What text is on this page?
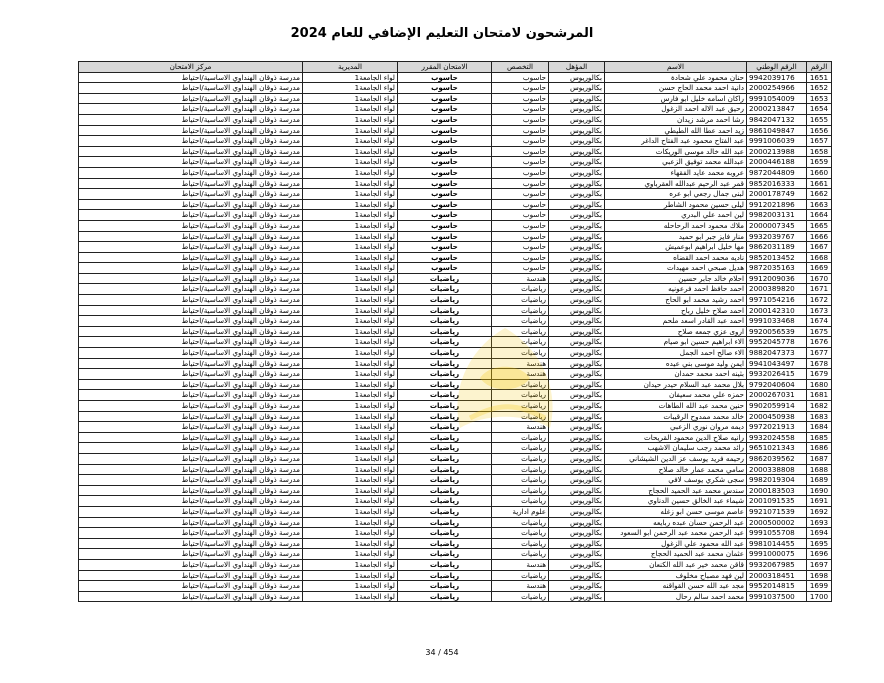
المرشحون لامتحان التعليم الإضافي للعام 2024
الرقم	الرقم الوطني	الاسم	المؤهل	التخصص	الامتحان المقرر	المديرية	مركز الامتحان
1651	9942039176	حنان محمود علي شحادة	بكالوريوس	حاسوب	حاسوب	لواء الجامعة1	مدرسة ذوقان الهنداوي الاساسية/احتياط
1652	2000254966	دانية احمد محمد الحاج حسن	بكالوريوس	حاسوب	حاسوب	لواء الجامعة1	مدرسة ذوقان الهنداوي الاساسية/احتياط
1653	9991054009	راكان اسامه خليل ابو فارس	بكالوريوس	حاسوب	حاسوب	لواء الجامعة1	مدرسة ذوقان الهنداوي الاساسية/احتياط
1654	2000213847	رحيق عبد الاله احمد الزغول	بكالوريوس	حاسوب	حاسوب	لواء الجامعة1	مدرسة ذوقان الهنداوي الاساسية/احتياط
1655	9842047132	رشا احمد مرشد زيدان	بكالوريوس	حاسوب	حاسوب	لواء الجامعة1	مدرسة ذوقان الهنداوي الاساسية/احتياط
1656	9861049847	زيد احمد عطا الله الطيطي	بكالوريوس	حاسوب	حاسوب	لواء الجامعة1	مدرسة ذوقان الهنداوي الاساسية/احتياط
1657	9991006039	عبد الفتاح محمود عبد الفتاح الداغر	بكالوريوس	حاسوب	حاسوب	لواء الجامعة1	مدرسة ذوقان الهنداوي الاساسية/احتياط
1658	2000213988	عبد الله خالد موسى الوريكات	بكالوريوس	حاسوب	حاسوب	لواء الجامعة1	مدرسة ذوقان الهنداوي الاساسية/احتياط
1659	2000446188	عبدالله محمد توفيق الزعبي	بكالوريوس	حاسوب	حاسوب	لواء الجامعة1	مدرسة ذوقان الهنداوي الاساسية/احتياط
1660	9872044809	عروبه محمد عايد الفقهاء	بكالوريوس	حاسوب	حاسوب	لواء الجامعة1	مدرسة ذوقان الهنداوي الاساسية/احتياط
1661	9852016333	قمر عبد الرحيم عبدالله العقرباوي	بكالوريوس	حاسوب	حاسوب	لواء الجامعة1	مدرسة ذوقان الهنداوي الاساسية/احتياط
1662	2000178749	لبنى جمال رجعي ابو عره	بكالوريوس	حاسوب	حاسوب	لواء الجامعة1	مدرسة ذوقان الهنداوي الاساسية/احتياط
1663	9912021896	ليلى حسين محمود الشاطر	بكالوريوس	حاسوب	حاسوب	لواء الجامعة1	مدرسة ذوقان الهنداوي الاساسية/احتياط
1664	9982003131	لين احمد علي البدري	بكالوريوس	حاسوب	حاسوب	لواء الجامعة1	مدرسة ذوقان الهنداوي الاساسية/احتياط
1665	2000007345	ملاك محمود احمد الرحاحله	بكالوريوس	حاسوب	حاسوب	لواء الجامعة1	مدرسة ذوقان الهنداوي الاساسية/احتياط
1666	9932039767	منار فايز جبر ابو حميد	بكالوريوس	حاسوب	حاسوب	لواء الجامعة1	مدرسة ذوقان الهنداوي الاساسية/احتياط
1667	9862031189	مها خليل ابراهيم ابوعميش	بكالوريوس	حاسوب	حاسوب	لواء الجامعة1	مدرسة ذوقان الهنداوي الاساسية/احتياط
1668	9852013452	ناديه محمد احمد القضاه	بكالوريوس	حاسوب	حاسوب	لواء الجامعة1	مدرسة ذوقان الهنداوي الاساسية/احتياط
1669	9872035163	هديل صبحي احمد مهيدات	بكالوريوس	حاسوب	حاسوب	لواء الجامعة1	مدرسة ذوقان الهنداوي الاساسية/احتياط
1670	9912009036	احلام خالد جابر حسين	بكالوريوس	هندسة	رياضيات	لواء الجامعة1	مدرسة ذوقان الهنداوي الاساسية/احتياط
1671	2000389820	احمد حافظ احمد فرعونيه	بكالوريوس	رياضيات	رياضيات	لواء الجامعة1	مدرسة ذوقان الهنداوي الاساسية/احتياط
1672	9971054216	احمد رشيد محمد ابو الحاج	بكالوريوس	رياضيات	رياضيات	لواء الجامعة1	مدرسة ذوقان الهنداوي الاساسية/احتياط
1673	2000142310	احمد صلاح خليل رباح	بكالوريوس	رياضيات	رياضيات	لواء الجامعة1	مدرسة ذوقان الهنداوي الاساسية/احتياط
1674	9991033468	احمد عبد القادر اسعد ملحم	بكالوريوس	رياضيات	رياضيات	لواء الجامعة1	مدرسة ذوقان الهنداوي الاساسية/احتياط
1675	9920056539	اروى عزي جمعه صلاح	بكالوريوس	رياضيات	رياضيات	لواء الجامعة1	مدرسة ذوقان الهنداوي الاساسية/احتياط
1676	9952045778	الاء ابراهيم حسين ابو صيام	بكالوريوس	رياضيات	رياضيات	لواء الجامعة1	مدرسة ذوقان الهنداوي الاساسية/احتياط
1677	9882047373	الاء صالح احمد الجمل	بكالوريوس	رياضيات	رياضيات	لواء الجامعة1	مدرسة ذوقان الهنداوي الاساسية/احتياط
1678	9941043497	ايمن وليد موسى بني عيده	بكالوريوس	هندسة	رياضيات	لواء الجامعة1	مدرسة ذوقان الهنداوي الاساسية/احتياط
1679	9932026415	بثينه احمد محمد حمدان	بكالوريوس	هندسة	رياضيات	لواء الجامعة1	مدرسة ذوقان الهنداوي الاساسية/احتياط
1680	9792040604	بلال محمد عبد السلام حيدر حيدان	بكالوريوس	رياضيات	رياضيات	لواء الجامعة1	مدرسة ذوقان الهنداوي الاساسية/احتياط
1681	2000267031	حمزه علي محمد سعيفان	بكالوريوس	رياضيات	رياضيات	لواء الجامعة1	مدرسة ذوقان الهنداوي الاساسية/احتياط
1682	9902059914	حنين محمد عبد الله الطاهات	بكالوريوس	رياضيات	رياضيات	لواء الجامعة1	مدرسة ذوقان الهنداوي الاساسية/احتياط
1683	2000450938	خالد محمد ممدوح الرقيبات	بكالوريوس	رياضيات	رياضيات	لواء الجامعة1	مدرسة ذوقان الهنداوي الاساسية/احتياط
1684	9972021913	ديمه مروان نوري الزعبي	بكالوريوس	هندسة	رياضيات	لواء الجامعة1	مدرسة ذوقان الهنداوي الاساسية/احتياط
1685	9932024558	رانيه صلاح الدين محمود القريحات	بكالوريوس	رياضيات	رياضيات	لواء الجامعة1	مدرسة ذوقان الهنداوي الاساسية/احتياط
1686	9651021343	رائد محمد رجب سليمان الاشهب	بكالوريوس	رياضيات	رياضيات	لواء الجامعة1	مدرسة ذوقان الهنداوي الاساسية/احتياط
1687	9862039562	رحيمه فريد يوسف عز الدين الشيشاني	بكالوريوس	رياضيات	رياضيات	لواء الجامعة1	مدرسة ذوقان الهنداوي الاساسية/احتياط
1688	2000338808	سامي محمد عمار خالد صلاح	بكالوريوس	رياضيات	رياضيات	لواء الجامعة1	مدرسة ذوقان الهنداوي الاساسية/احتياط
1689	9982019304	سجى شكري يوسف لافي	بكالوريوس	رياضيات	رياضيات	لواء الجامعة1	مدرسة ذوقان الهنداوي الاساسية/احتياط
1690	2000183503	سندس محمد عبد الحميد الحجاج	بكالوريوس	رياضيات	رياضيات	لواء الجامعة1	مدرسة ذوقان الهنداوي الاساسية/احتياط
1691	2001091535	شيماء عبد الخالق حسين الدناوي	بكالوريوس	رياضيات	رياضيات	لواء الجامعة1	مدرسة ذوقان الهنداوي الاساسية/احتياط
1692	9921071539	عاصم موسى حسن ابو زغله	بكالوريوس	علوم ادارية	رياضيات	لواء الجامعة1	مدرسة ذوقان الهنداوي الاساسية/احتياط
1693	2000500002	عبد الرحمن حسان عبده ربايعه	بكالوريوس	رياضيات	رياضيات	لواء الجامعة1	مدرسة ذوقان الهنداوي الاساسية/احتياط
1694	9991055708	عبد الرحمن محمد عبد الرحمن ابو السعود	بكالوريوس	رياضيات	رياضيات	لواء الجامعة1	مدرسة ذوقان الهنداوي الاساسية/احتياط
1695	9981014455	عبد الله محمود علي الزغول	بكالوريوس	رياضيات	رياضيات	لواء الجامعة1	مدرسة ذوقان الهنداوي الاساسية/احتياط
1696	9991000075	عثمان محمد عبد الحميد الحجاج	بكالوريوس	رياضيات	رياضيات	لواء الجامعة1	مدرسة ذوقان الهنداوي الاساسية/احتياط
1697	9932067985	قاقن محمد خير عبد الله الكنعان	بكالوريوس	هندسة	رياضيات	لواء الجامعة1	مدرسة ذوقان الهنداوي الاساسية/احتياط
1698	2000318451	لين فهد مصباح مخلوف	بكالوريوس	رياضيات	رياضيات	لواء الجامعة1	مدرسة ذوقان الهنداوي الاساسية/احتياط
1699	9952014815	مجد عبد الله حسن القواقنه	بكالوريوس	هندسة	رياضيات	لواء الجامعة1	مدرسة ذوقان الهنداوي الاساسية/احتياط
1700	9991037500	محمد احمد سالم رحال	بكالوريوس	رياضيات	رياضيات	لواء الجامعة1	مدرسة ذوقان الهنداوي الاساسية/احتياط
34 / 454
